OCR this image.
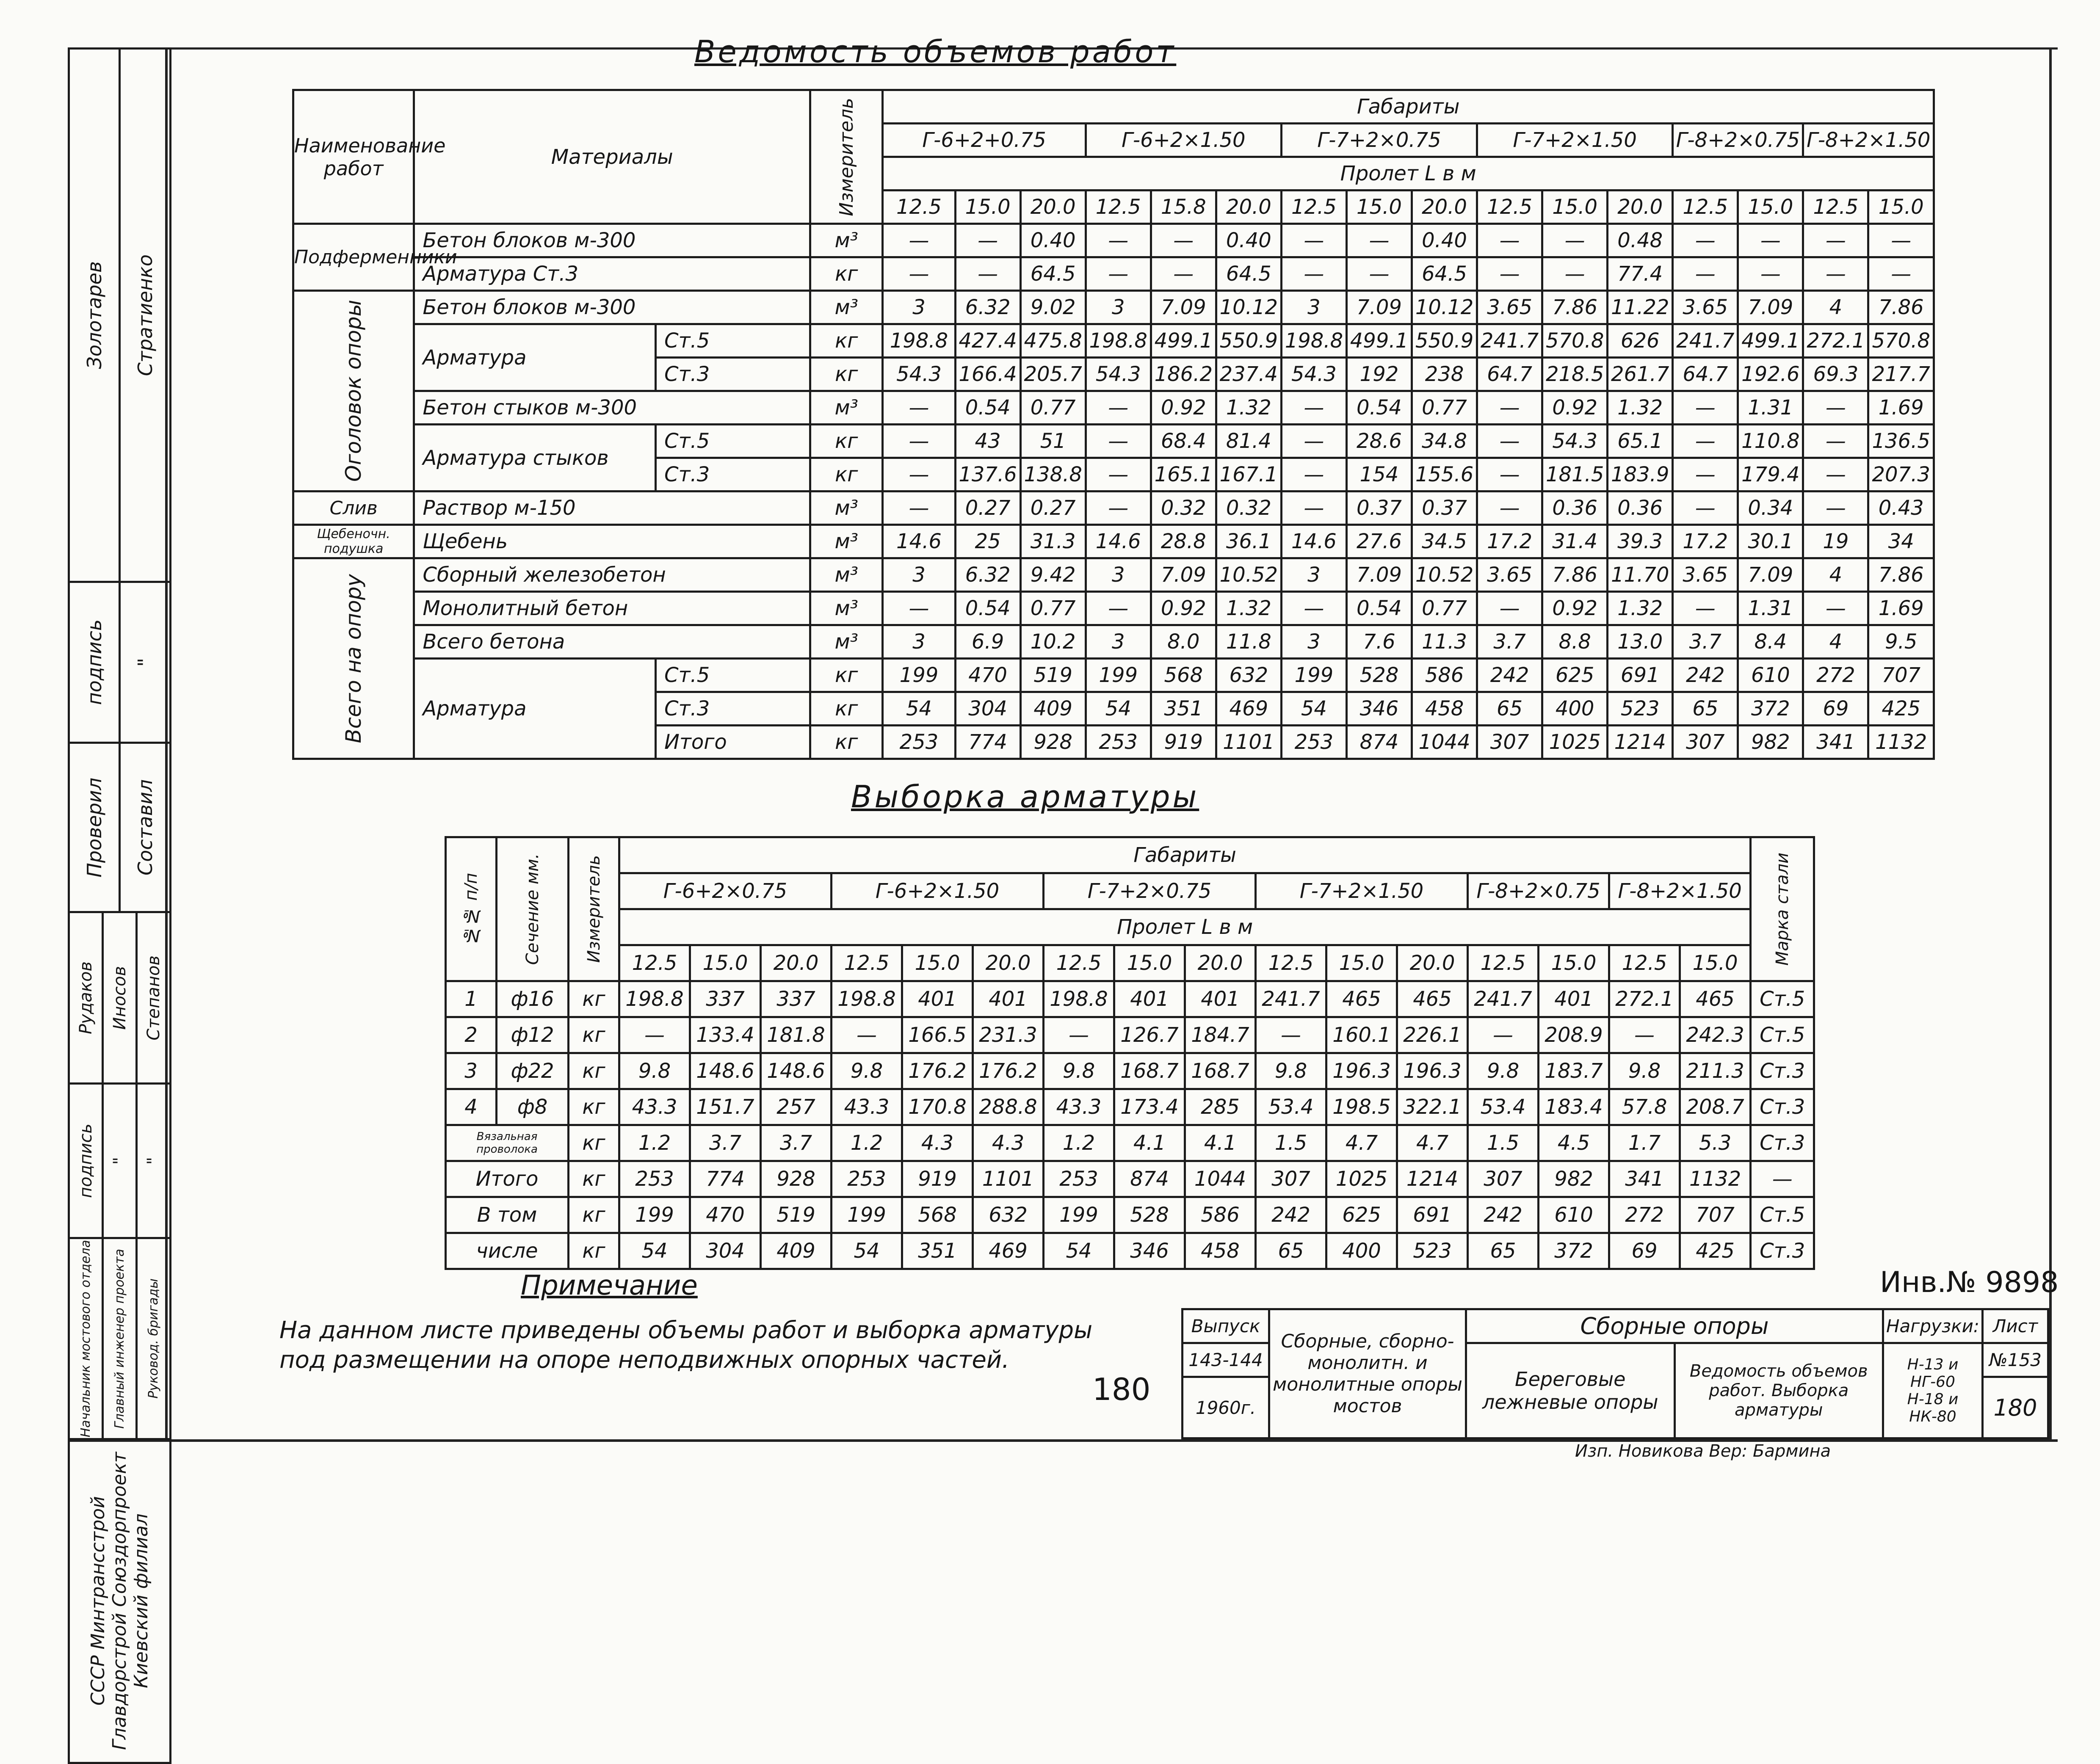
Золотарев	Стратиенко

подпись	"

Проверил	Составил

Рудаков Иносов Степанов	

подпись " "	

Начальник мостового отдела Главный инженер проекта Руковод. бригады	

СССР Минтрансстрой Главдорстрой Союздорпроект Киевский филиал	
Ведомость объемов работ
Наименование работ	Материалы		Измеритель	Габариты															
				Г-6+2+0.75			Г-6+2×1.50			Г-7+2×0.75			Г-7+2×1.50			Г-8+2×0.75		Г-8+2×1.50	
				Пролет L в м															
				12.5	15.0	20.0	12.5	15.8	20.0	12.5	15.0	20.0	12.5	15.0	20.0	12.5	15.0	12.5	15.0
Подферменники	Бетон блоков м-300		м³	—	—	0.40	—	—	0.40	—	—	0.40	—	—	0.48	—	—	—	—
	Арматура Ст.3		кг	—	—	64.5	—	—	64.5	—	—	64.5	—	—	77.4	—	—	—	—

Оголовок опоры	Бетон блоков м-300		м³	3	6.32	9.02	3	7.09	10.12	3	7.09	10.12	3.65	7.86	11.22	3.65	7.09	4	7.86
	Арматура	Ст.5	кг	198.8	427.4	475.8	198.8	499.1	550.9	198.8	499.1	550.9	241.7	570.8	626	241.7	499.1	272.1	570.8
		Ст.3	кг	54.3	166.4	205.7	54.3	186.2	237.4	54.3	192	238	64.7	218.5	261.7	64.7	192.6	69.3	217.7
	Бетон стыков м-300		м³	—	0.54	0.77	—	0.92	1.32	—	0.54	0.77	—	0.92	1.32	—	1.31	—	1.69
	Арматура стыков	Ст.5	кг	—	43	51	—	68.4	81.4	—	28.6	34.8	—	54.3	65.1	—	110.8	—	136.5
		Ст.3	кг	—	137.6	138.8	—	165.1	167.1	—	154	155.6	—	181.5	183.9	—	179.4	—	207.3
Слив	Раствор м-150		м³	—	0.27	0.27	—	0.32	0.32	—	0.37	0.37	—	0.36	0.36	—	0.34	—	0.43
Щебеночн. подушка	Щебень		м³	14.6	25	31.3	14.6	28.8	36.1	14.6	27.6	34.5	17.2	31.4	39.3	17.2	30.1	19	34

Всего на опору	Сборный железобетон		м³	3	6.32	9.42	3	7.09	10.52	3	7.09	10.52	3.65	7.86	11.70	3.65	7.09	4	7.86
	Монолитный бетон		м³	—	0.54	0.77	—	0.92	1.32	—	0.54	0.77	—	0.92	1.32	—	1.31	—	1.69
	Всего бетона		м³	3	6.9	10.2	3	8.0	11.8	3	7.6	11.3	3.7	8.8	13.0	3.7	8.4	4	9.5
	Арматура	Ст.5	кг	199	470	519	199	568	632	199	528	586	242	625	691	242	610	272	707
		Ст.3	кг	54	304	409	54	351	469	54	346	458	65	400	523	65	372	69	425
		Итого	кг	253	774	928	253	919	1101	253	874	1044	307	1025	1214	307	982	341	1132
Выборка арматуры
№№ п/п	Сечение мм.	Измеритель	Габариты																Марка стали

			Г-6+2×0.75			Г-6+2×1.50			Г-7+2×0.75			Г-7+2×1.50			Г-8+2×0.75		Г-8+2×1.50		
			Пролет L в м																
			12.5	15.0	20.0	12.5	15.0	20.0	12.5	15.0	20.0	12.5	15.0	20.0	12.5	15.0	12.5	15.0	
1	ф16	кг	198.8	337	337	198.8	401	401	198.8	401	401	241.7	465	465	241.7	401	272.1	465	Ст.5
2	ф12	кг	—	133.4	181.8	—	166.5	231.3	—	126.7	184.7	—	160.1	226.1	—	208.9	—	242.3	Ст.5
3	ф22	кг	9.8	148.6	148.6	9.8	176.2	176.2	9.8	168.7	168.7	9.8	196.3	196.3	9.8	183.7	9.8	211.3	Ст.3
4	ф8	кг	43.3	151.7	257	43.3	170.8	288.8	43.3	173.4	285	53.4	198.5	322.1	53.4	183.4	57.8	208.7	Ст.3
Вязальная проволока		кг	1.2	3.7	3.7	1.2	4.3	4.3	1.2	4.1	4.1	1.5	4.7	4.7	1.5	4.5	1.7	5.3	Ст.3
Итого		кг	253	774	928	253	919	1101	253	874	1044	307	1025	1214	307	982	341	1132	—
В том		кг	199	470	519	199	568	632	199	528	586	242	625	691	242	610	272	707	Ст.5
числе		кг	54	304	409	54	351	469	54	346	458	65	400	523	65	372	69	425	Ст.3
Примечание
На данном листе приведены объемы работ и выборка арматуры
под размещении на опоре неподвижных опорных частей.
180
Инв.№ 9898
Выпуск	Сборные, сборно-монолитн. и монолитные опоры мостов	Сборные опоры		Нагрузки:	Лист
143-144		Береговые лежневые опоры	Ведомость объемов работ. Выборка арматуры	Н-13 и НГ-60
Н-18 и НК-80	№153
1960г.					180
Изп. Новикова Вер: Бармина
